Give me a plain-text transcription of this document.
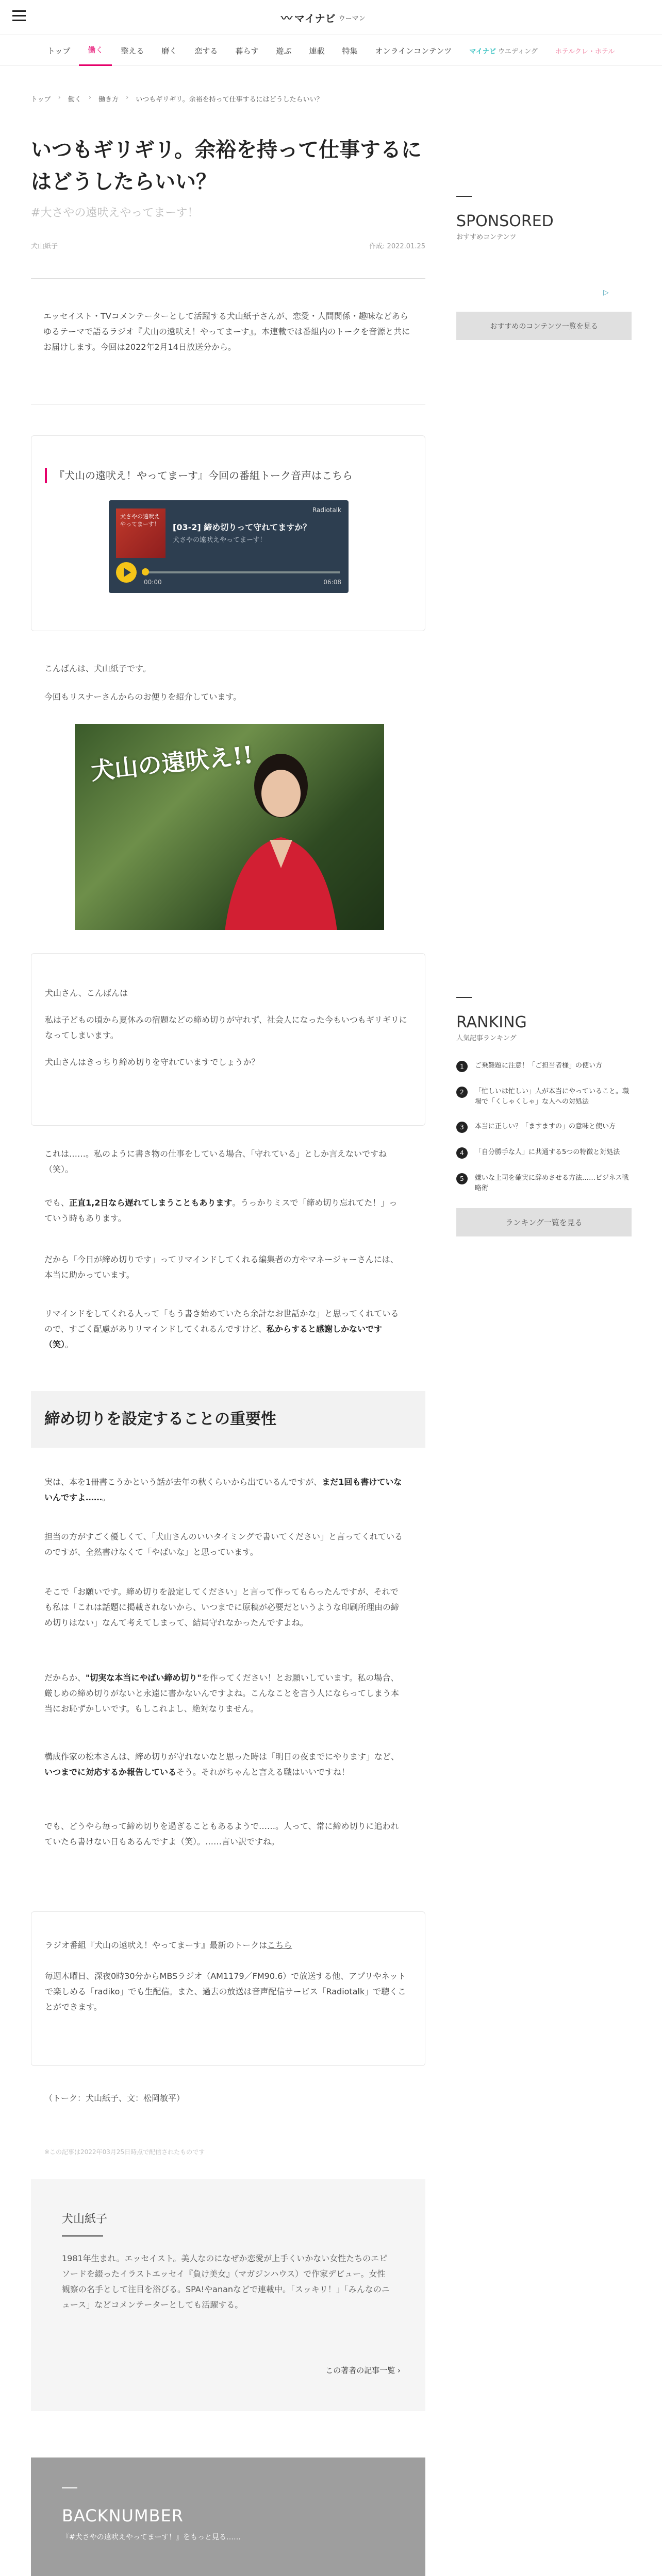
〰 マイナビ ウーマン
トップ	働く	整える	磨く	恋する	暮らす	遊ぶ	連載	特集	オンラインコンテンツ	マイナビ ウエディング	ホテルクレ・ホテル
トップ › 働く › 働き方 › いつもギリギリ。余裕を持って仕事するにはどうしたらいい？
いつもギリギリ。余裕を持って仕事するにはどうしたらいい？
#大さやの遠吠えやってまーす！
犬山紙子	作成: 2022.01.25
エッセイスト・TVコメンテーターとして活躍する犬山紙子さんが、恋愛・人間関係・趣味などあらゆるテーマで語るラジオ『犬山の遠吠え！やってまーす』。本連載では番組内のトークを音源と共にお届けします。今回は2022年2月14日放送分から。
『犬山の遠吠え！やってまーす』今回の番組トーク音声はこちら
犬さやの遠吠えやってまーす！
Radiotalk
[03-2] 締め切りって守れてますか？
犬さやの遠吠えやってまーす！
00:00	06:08

こんばんは、犬山紙子です。

今回もリスナーさんからのお便りを紹介しています。

犬山の遠吠え!!

犬山さん、こんばんは

私は子どもの頃から夏休みの宿題などの締め切りが守れず、社会人になった今もいつもギリギリになってしまいます。

犬山さんはきっちり締め切りを守れていますでしょうか？

これは……。私のように書き物の仕事をしている場合、「守れている」としか言えないですね（笑）。

でも、正直1,2日なら遅れてしまうこともあります。うっかりミスで「締め切り忘れてた！」っていう時もあります。

だから「今日が締め切りです」ってリマインドしてくれる編集者の方やマネージャーさんには、本当に助かっています。

リマインドをしてくれる人って「もう書き始めていたら余計なお世話かな」と思ってくれているので、すごく配慮がありリマインドしてくれるんですけど、私からすると感謝しかないです（笑）。

締め切りを設定することの重要性

実は、本を1冊書こうかという話が去年の秋くらいから出ているんですが、まだ1回も書けていないんですよ……。

担当の方がすごく優しくて、「犬山さんのいいタイミングで書いてください」と言ってくれているのですが、全然書けなくて「やばいな」と思っています。

そこで「お願いです。締め切りを設定してください」と言って作ってもらったんですが、それでも私は「これは話題に掲載されないから、いつまでに原稿が必要だというような印刷所理由の締め切りはない」なんて考えてしまって、結局守れなかったんですよね。

だからか、"切実な本当にやばい締め切り"を作ってください！とお願いしています。私の場合、厳しめの締め切りがないと永遠に書かないんですよね。こんなことを言う人にならってしまう本当にお恥ずかしいです。もしこれよし、絶対なりません。

構成作家の松本さんは、締め切りが守れないなと思った時は「明日の夜までにやります」など、いつまでに対応するか報告しているそう。それがちゃんと言える職はいいですね！

でも、どうやら毎って締め切りを過ぎることもあるようで……。人って、常に締め切りに追われていたら書けない日もあるんですよ（笑）。……言い訳ですね。

ラジオ番組『犬山の遠吠え！やってまーす』最新のトークはこちら

毎週木曜日、深夜0時30分からMBSラジオ（AM1179／FM90.6）で放送する他、アプリやネットで楽しめる「radiko」でも生配信。また、過去の放送は音声配信サービス「Radiotalk」で聴くことができます。

（トーク：犬山紙子、文：松岡敏平）

※この記事は2022年03月25日時点で配信されたものです

犬山紙子

1981年生まれ。エッセイスト。美人なのになぜか恋愛が上手くいかない女性たちのエピソードを綴ったイラストエッセイ『負け美女』（マガジンハウス）で作家デビュー。女性観察の名手として注目を浴びる。SPA!やananなどで連載中。「スッキリ！」「みんなのニュース」などコメンテーターとしても活躍する。

この著者の記事一覧 ›
BACKNUMBER
『#犬さやの遠吠えやってまーす！』をもっと見る……

SPONSORED
おすすめコンテンツ
▷
おすすめのコンテンツ一覧を見る
RANKING
人気記事ランキング
1	ご乗難題に注意！「ご担当者様」の使い方
2	「忙しいは忙しい」人が本当にやっていること。職場で「くしゃくしゃ」な人への対処法
3	本当に正しい？「ますますの」の意味と使い方
4	「自分勝手な人」に共通する5つの特徴と対処法
5	嫌いな上司を確実に辞めさせる方法……ビジネス戦略術
ランキング一覧を見る
